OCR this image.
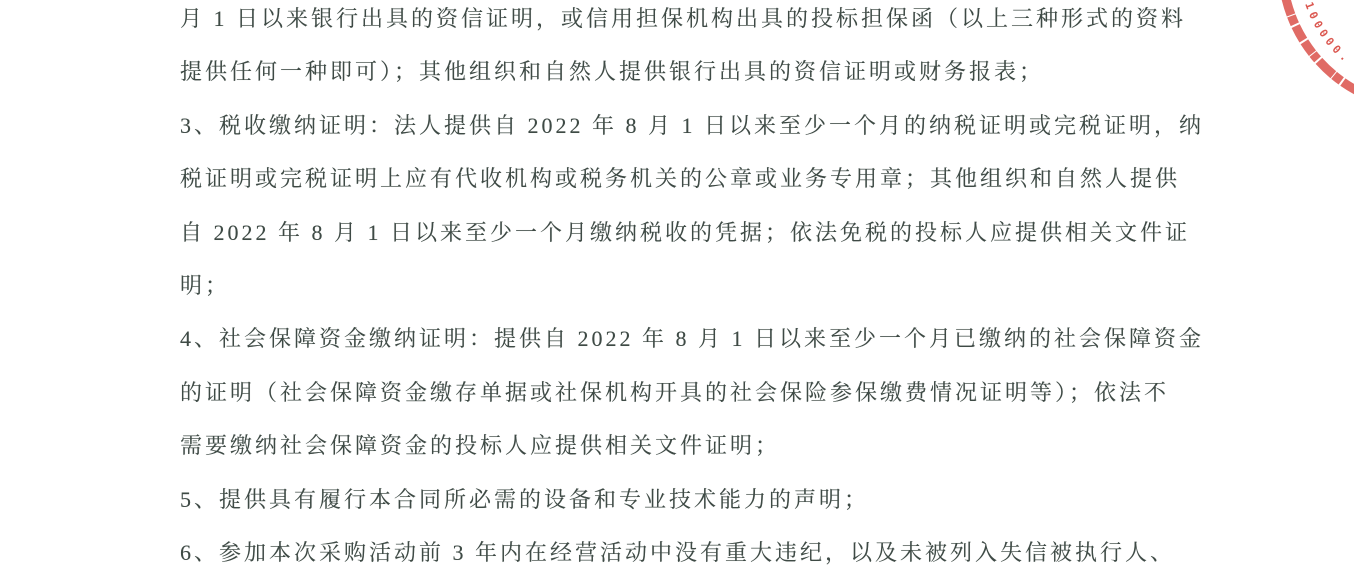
月 1 日以来银行出具的资信证明，或信用担保机构出具的投标担保函（以上三种形式的资料

提供任何一种即可）；其他组织和自然人提供银行出具的资信证明或财务报表；

3、税收缴纳证明：法人提供自 2022 年 8 月 1 日以来至少一个月的纳税证明或完税证明，纳

税证明或完税证明上应有代收机构或税务机关的公章或业务专用章；其他组织和自然人提供

自 2022 年 8 月 1 日以来至少一个月缴纳税收的凭据；依法免税的投标人应提供相关文件证

明；

4、社会保障资金缴纳证明：提供自 2022 年 8 月 1 日以来至少一个月已缴纳的社会保障资金

的证明（社会保障资金缴存单据或社保机构开具的社会保险参保缴费情况证明等）；依法不

需要缴纳社会保障资金的投标人应提供相关文件证明；

5、提供具有履行本合同所必需的设备和专业技术能力的声明；

6、参加本次采购活动前 3 年内在经营活动中没有重大违纪，以及未被列入失信被执行人、

100000.
